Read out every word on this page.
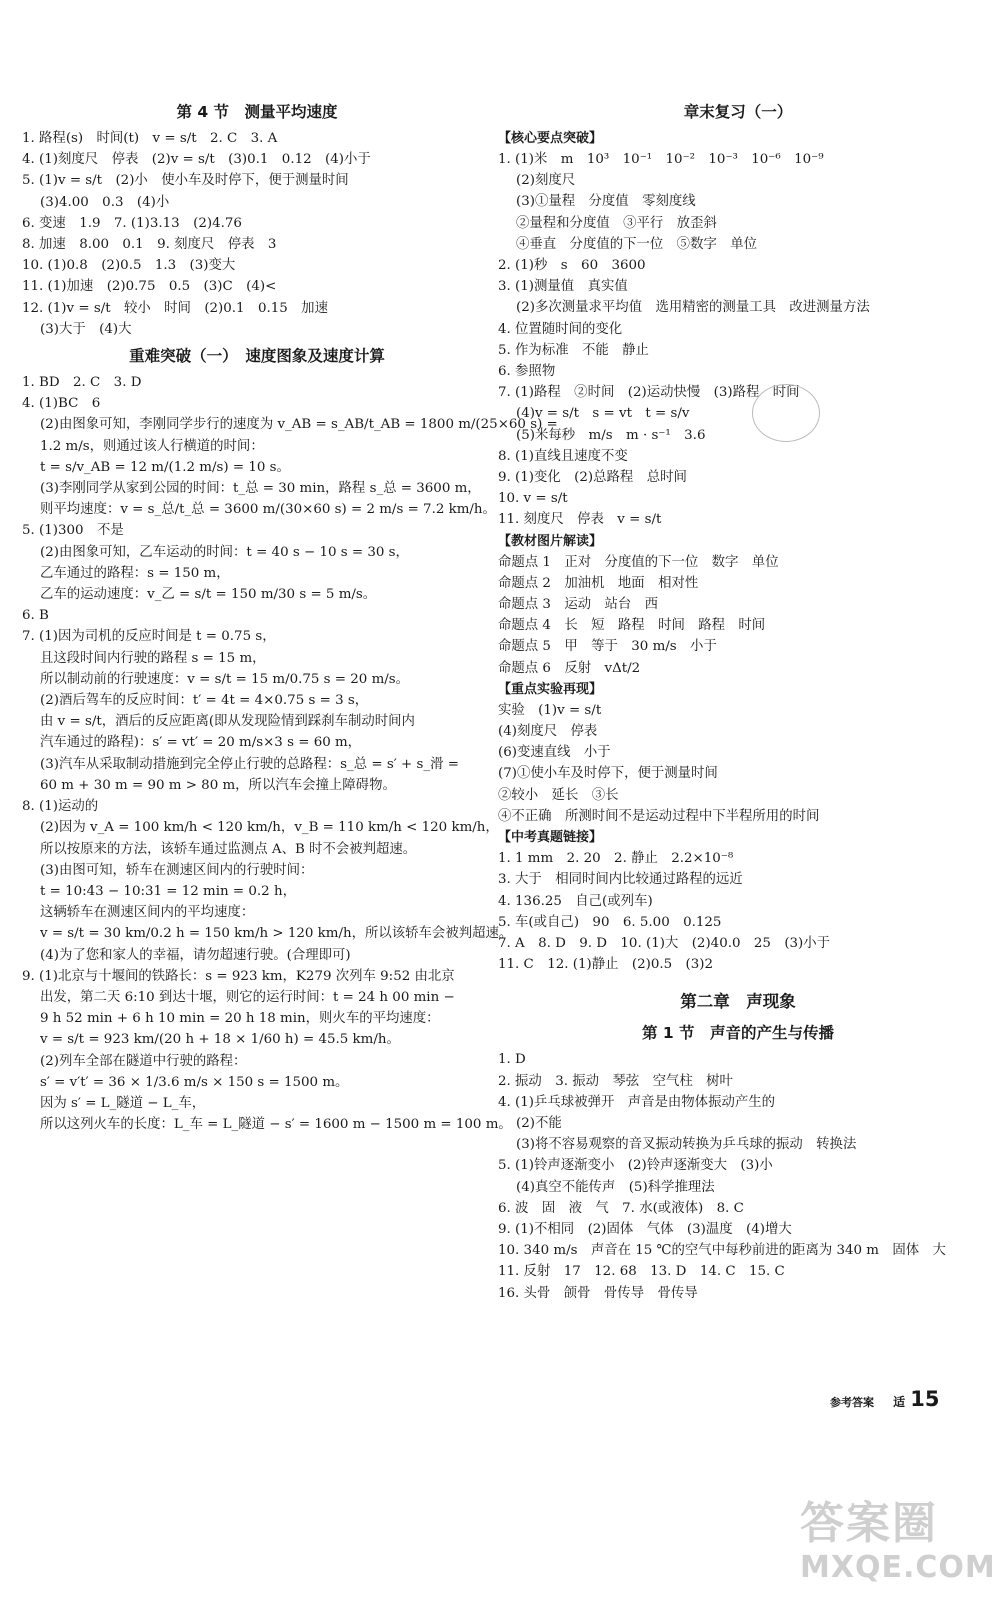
第 4 节　测量平均速度
1. 路程(s)　时间(t)　v = s/t　2. C　3. A
4. (1)刻度尺　停表　(2)v = s/t　(3)0.1　0.12　(4)小于
5. (1)v = s/t　(2)小　使小车及时停下，便于测量时间
(3)4.00　0.3　(4)小
6. 变速　1.9　7. (1)3.13　(2)4.76
8. 加速　8.00　0.1　9. 刻度尺　停表　3
10. (1)0.8　(2)0.5　1.3　(3)变大
11. (1)加速　(2)0.75　0.5　(3)C　(4)<
12. (1)v = s/t　较小　时间　(2)0.1　0.15　加速
(3)大于　(4)大
重难突破（一）　速度图象及速度计算
1. BD　2. C　3. D
4. (1)BC　6
(2)由图象可知，李刚同学步行的速度为 v_AB = s_AB/t_AB = 1800 m/(25×60 s) =
1.2 m/s，则通过该人行横道的时间：
t = s/v_AB = 12 m/(1.2 m/s) = 10 s。
(3)李刚同学从家到公园的时间：t_总 = 30 min，路程 s_总 = 3600 m，
则平均速度：v = s_总/t_总 = 3600 m/(30×60 s) = 2 m/s = 7.2 km/h。
5. (1)300　不是
(2)由图象可知，乙车运动的时间：t = 40 s − 10 s = 30 s，
乙车通过的路程：s = 150 m，
乙车的运动速度：v_乙 = s/t = 150 m/30 s = 5 m/s。
6. B
7. (1)因为司机的反应时间是 t = 0.75 s，
且这段时间内行驶的路程 s = 15 m，
所以制动前的行驶速度：v = s/t = 15 m/0.75 s = 20 m/s。
(2)酒后驾车的反应时间：t′ = 4t = 4×0.75 s = 3 s，
由 v = s/t，酒后的反应距离(即从发现险情到踩刹车制动时间内
汽车通过的路程)：s′ = vt′ = 20 m/s×3 s = 60 m，
(3)汽车从采取制动措施到完全停止行驶的总路程：s_总 = s′ + s_滑 =
60 m + 30 m = 90 m > 80 m，所以汽车会撞上障碍物。
8. (1)运动的
(2)因为 v_A = 100 km/h < 120 km/h，v_B = 110 km/h < 120 km/h，
所以按原来的方法，该轿车通过监测点 A、B 时不会被判超速。
(3)由图可知，轿车在测速区间内的行驶时间：
t = 10:43 − 10:31 = 12 min = 0.2 h，
这辆轿车在测速区间内的平均速度：
v = s/t = 30 km/0.2 h = 150 km/h > 120 km/h，所以该轿车会被判超速。
(4)为了您和家人的幸福，请勿超速行驶。(合理即可)
9. (1)北京与十堰间的铁路长：s = 923 km，K279 次列车 9:52 由北京
出发，第二天 6:10 到达十堰，则它的运行时间：t = 24 h 00 min −
9 h 52 min + 6 h 10 min = 20 h 18 min，则火车的平均速度：
v = s/t = 923 km/(20 h + 18 × 1/60 h) = 45.5 km/h。
(2)列车全部在隧道中行驶的路程：
s′ = v′t′ = 36 × 1/3.6 m/s × 150 s = 1500 m。
因为 s′ = L_隧道 − L_车，
所以这列火车的长度：L_车 = L_隧道 − s′ = 1600 m − 1500 m = 100 m。
章末复习（一）
【核心要点突破】
1. (1)米　m　10³　10⁻¹　10⁻²　10⁻³　10⁻⁶　10⁻⁹
(2)刻度尺
(3)①量程　分度值　零刻度线
②量程和分度值　③平行　放歪斜
④垂直　分度值的下一位　⑤数字　单位
2. (1)秒　s　60　3600
3. (1)测量值　真实值
(2)多次测量求平均值　选用精密的测量工具　改进测量方法
4. 位置随时间的变化
5. 作为标准　不能　静止
6. 参照物
7. (1)路程　②时间　(2)运动快慢　(3)路程　时间
(4)v = s/t　s = vt　t = s/v
(5)米每秒　m/s　m · s⁻¹　3.6
8. (1)直线且速度不变
9. (1)变化　(2)总路程　总时间
10. v = s/t
11. 刻度尺　停表　v = s/t
【教材图片解读】
命题点 1　正对　分度值的下一位　数字　单位
命题点 2　加油机　地面　相对性
命题点 3　运动　站台　西
命题点 4　长　短　路程　时间　路程　时间
命题点 5　甲　等于　30 m/s　小于
命题点 6　反射　vΔt/2
【重点实验再现】
实验　(1)v = s/t
(4)刻度尺　停表
(6)变速直线　小于
(7)①使小车及时停下，便于测量时间
②较小　延长　③长
④不正确　所测时间不是运动过程中下半程所用的时间
【中考真题链接】
1. 1 mm　2. 20　2. 静止　2.2×10⁻⁸
3. 大于　相同时间内比较通过路程的远近
4. 136.25　自己(或列车)
5. 车(或自己)　90　6. 5.00　0.125
7. A　8. D　9. D　10. (1)大　(2)40.0　25　(3)小于
11. C　12. (1)静止　(2)0.5　(3)2
第二章　声现象
第 1 节　声音的产生与传播
1. D
2. 振动　3. 振动　琴弦　空气柱　树叶
4. (1)乒乓球被弹开　声音是由物体振动产生的
(2)不能
(3)将不容易观察的音叉振动转换为乒乓球的振动　转换法
5. (1)铃声逐渐变小　(2)铃声逐渐变大　(3)小
(4)真空不能传声　(5)科学推理法
6. 波　固　液　气　7. 水(或液体)　8. C
9. (1)不相同　(2)固体　气体　(3)温度　(4)增大
10. 340 m/s　声音在 15 ℃的空气中每秒前进的距离为 340 m　固体　大
11. 反射　17　12. 68　13. D　14. C　15. C
16. 头骨　颌骨　骨传导　骨传导
参考答案 适 15
答案圈
MXQE.COM
